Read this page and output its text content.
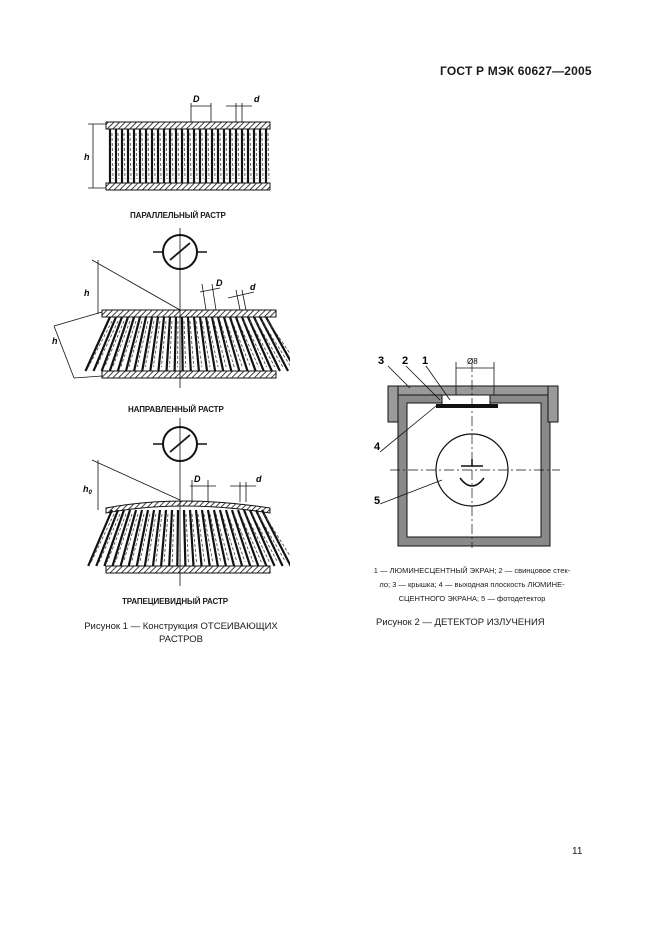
ГОСТ Р МЭК 60627—2005
h
D	d
h
h
D	d
$h_0$
D	d
ПАРАЛЛЕЛЬНЫЙ РАСТР
НАПРАВЛЕННЫЙ РАСТР
ТРАПЕЦИЕВИДНЫЙ РАСТР
Рисунок 1 — Конструкция ОТСЕИВАЮЩИХ
РАСТРОВ
Ø8
3 2 1
4
5
1 — ЛЮМИНЕСЦЕНТНЫЙ ЭКРАН; 2 — свинцовое стек-
ло; 3 — крышка; 4 — выходная плоскость ЛЮМИНЕ-
СЦЕНТНОГО ЭКРАНА; 5 — фотодетектор
Рисунок 2 — ДЕТЕКТОР ИЗЛУЧЕНИЯ
11
